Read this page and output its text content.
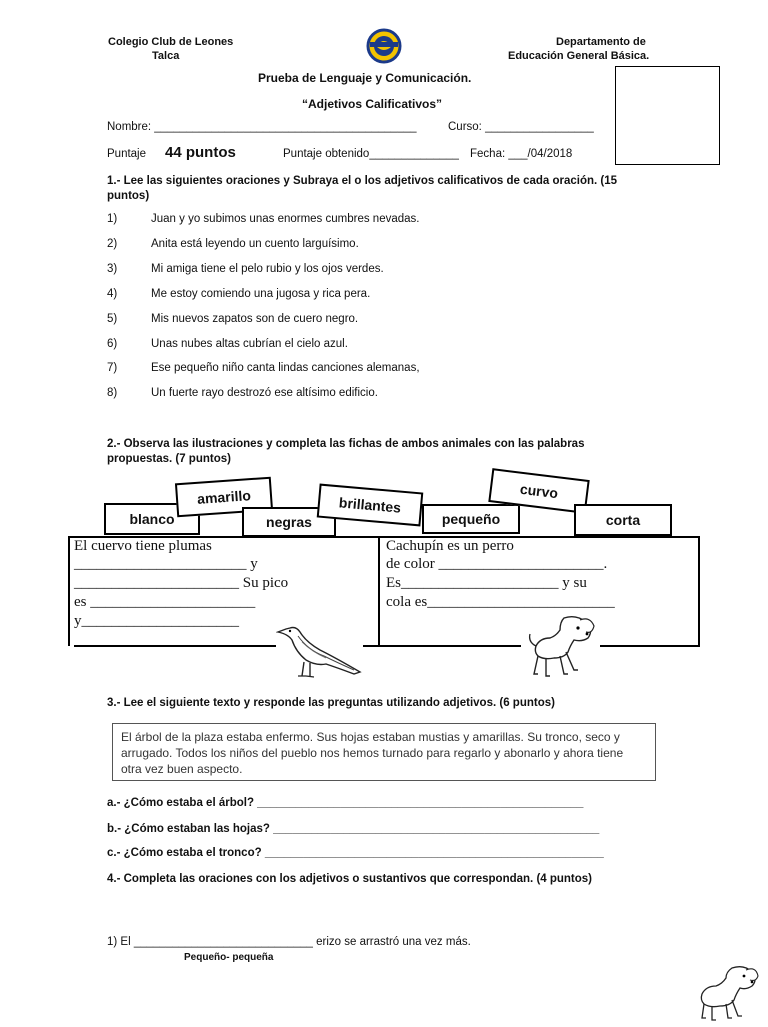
Colegio Club de Leones
Talca
Departamento de
Educación General Básica.
Prueba de Lenguaje y Comunicación.
“Adjetivos Calificativos”
Nombre: _________________________________________	Curso: _________________
Puntaje 44 puntos	Puntaje obtenido______________ Fecha: ___/04/2018
1.- Lee las siguientes oraciones y Subraya el o los adjetivos calificativos de cada oración. (15 puntos)
1)	Juan y yo subimos unas enormes cumbres nevadas.
2)	Anita está leyendo un cuento larguísimo.
3)	Mi amiga tiene el pelo rubio y los ojos verdes.
4)	Me estoy comiendo una jugosa y rica pera.
5)	Mis nuevos zapatos son de cuero negro.
6)	Unas nubes altas cubrían el cielo azul.
7)	Ese pequeño niño canta lindas canciones alemanas,
8)	Un fuerte rayo destrozó ese altísimo edificio.
2.- Observa las ilustraciones y completa las fichas de ambos animales con las palabras propuestas. (7 puntos)
blanco
amarillo
negras
brillantes
pequeño
curvo
corta
El cuervo tiene plumas
_______________________ y
______________________ Su pico
es ______________________
y_____________________
Cachupín es un perro
de color ______________________.
Es_____________________ y su
cola es_________________________
3.- Lee el siguiente texto y responde las preguntas utilizando adjetivos. (6 puntos)
El árbol de la plaza estaba enfermo. Sus hojas estaban mustias y amarillas. Su tronco, seco y arrugado. Todos los niños del pueblo nos hemos turnado para regarlo y abonarlo y ahora tiene otra vez buen aspecto.
a.- ¿Cómo estaba el árbol? ___________________________________________________
b.- ¿Cómo estaban las hojas? ___________________________________________________
c.- ¿Cómo estaba el tronco? _____________________________________________________
4.- Completa las oraciones con los adjetivos o sustantivos que correspondan. (4 puntos)
1) El ____________________________ erizo se arrastró una vez más.
Pequeño- pequeña
